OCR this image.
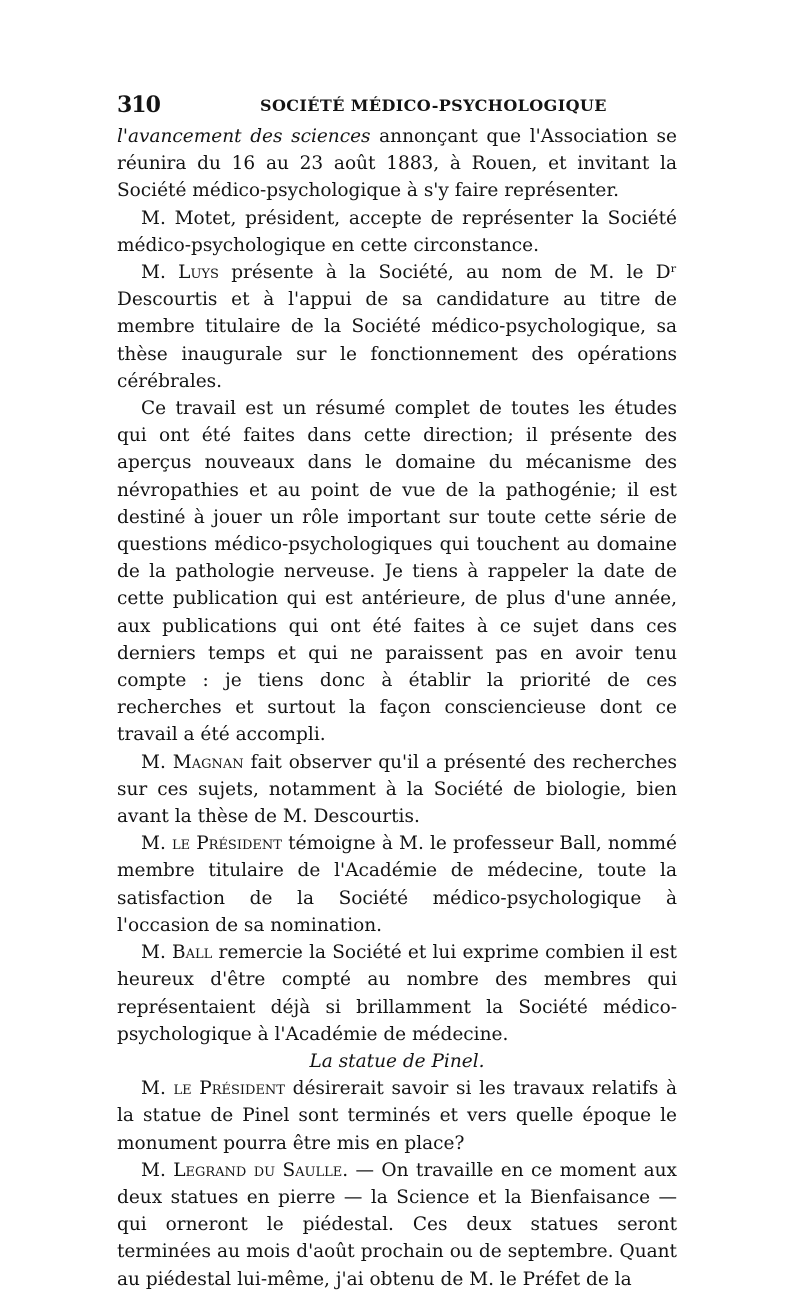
310	SOCIÉTÉ MÉDICO-PSYCHOLOGIQUE

l'avancement des sciences annonçant que l'Association se réunira du 16 au 23 août 1883, à Rouen, et invitant la Société médico-psychologique à s'y faire représenter.

M. Motet, président, accepte de représenter la Société médico-psychologique en cette circonstance.

M. Luys présente à la Société, au nom de M. le Dʳ Descourtis et à l'appui de sa candidature au titre de membre titulaire de la Société médico-psychologique, sa thèse inaugurale sur le fonctionnement des opérations cérébrales.

Ce travail est un résumé complet de toutes les études qui ont été faites dans cette direction; il présente des aperçus nouveaux dans le domaine du mécanisme des névropathies et au point de vue de la pathogénie; il est destiné à jouer un rôle important sur toute cette série de questions médico-psychologiques qui touchent au domaine de la pathologie nerveuse. Je tiens à rappeler la date de cette publication qui est antérieure, de plus d'une année, aux publications qui ont été faites à ce sujet dans ces derniers temps et qui ne paraissent pas en avoir tenu compte : je tiens donc à établir la priorité de ces recherches et surtout la façon consciencieuse dont ce travail a été accompli.

M. Magnan fait observer qu'il a présenté des recherches sur ces sujets, notamment à la Société de biologie, bien avant la thèse de M. Descourtis.

M. le Président témoigne à M. le professeur Ball, nommé membre titulaire de l'Académie de médecine, toute la satisfaction de la Société médico-psychologique à l'occasion de sa nomination.

M. Ball remercie la Société et lui exprime combien il est heureux d'être compté au nombre des membres qui représentaient déjà si brillamment la Société médico-psychologique à l'Académie de médecine.

La statue de Pinel.

M. le Président désirerait savoir si les travaux relatifs à la statue de Pinel sont terminés et vers quelle époque le monument pourra être mis en place?

M. Legrand du Saulle. — On travaille en ce moment aux deux statues en pierre — la Science et la Bienfaisance — qui orneront le piédestal. Ces deux statues seront terminées au mois d'août prochain ou de septembre. Quant au piédestal lui-même, j'ai obtenu de M. le Préfet de la
